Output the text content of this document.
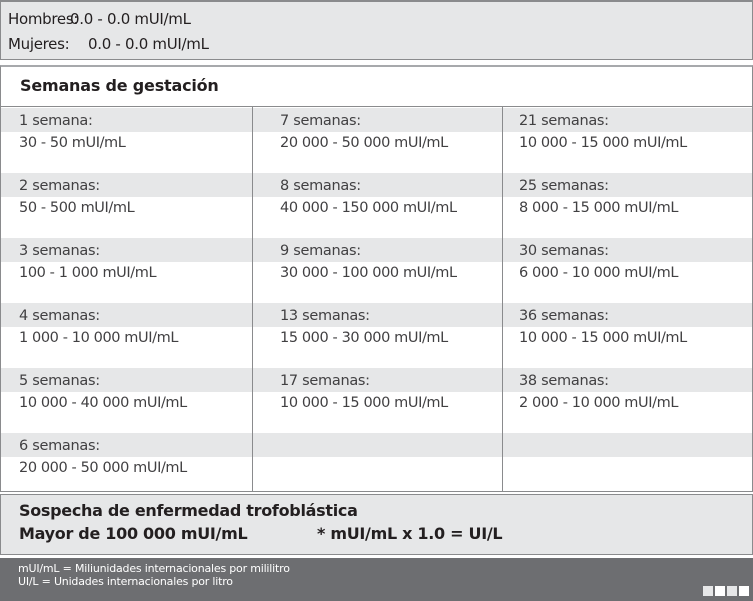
Hombres:0.0 - 0.0 mUI/mL
Mujeres: 0.0 - 0.0 mUI/mL
Semanas de gestación
1 semana:
30 - 50 mUI/mL
2 semanas:
50 - 500 mUI/mL
3 semanas:
100 - 1 000 mUI/mL
4 semanas:
1 000 - 10 000 mUI/mL
5 semanas:
10 000 - 40 000 mUI/mL
6 semanas:
20 000 - 50 000 mUI/mL
7 semanas:
20 000 - 50 000 mUI/mL
8 semanas:
40 000 - 150 000 mUI/mL
9 semanas:
30 000 - 100 000 mUI/mL
13 semanas:
15 000 - 30 000 mUI/mL
17 semanas:
10 000 - 15 000 mUI/mL
21 semanas:
10 000 - 15 000 mUI/mL
25 semanas:
8 000 - 15 000 mUI/mL
30 semanas:
6 000 - 10 000 mUI/mL
36 semanas:
10 000 - 15 000 mUI/mL
38 semanas:
2 000 - 10 000 mUI/mL
Sospecha de enfermedad trofoblástica
Mayor de 100 000 mUI/mL	* mUI/mL x 1.0 = UI/L
mUI/mL = Miliunidades internacionales por mililitro
UI/L = Unidades internacionales por litro
